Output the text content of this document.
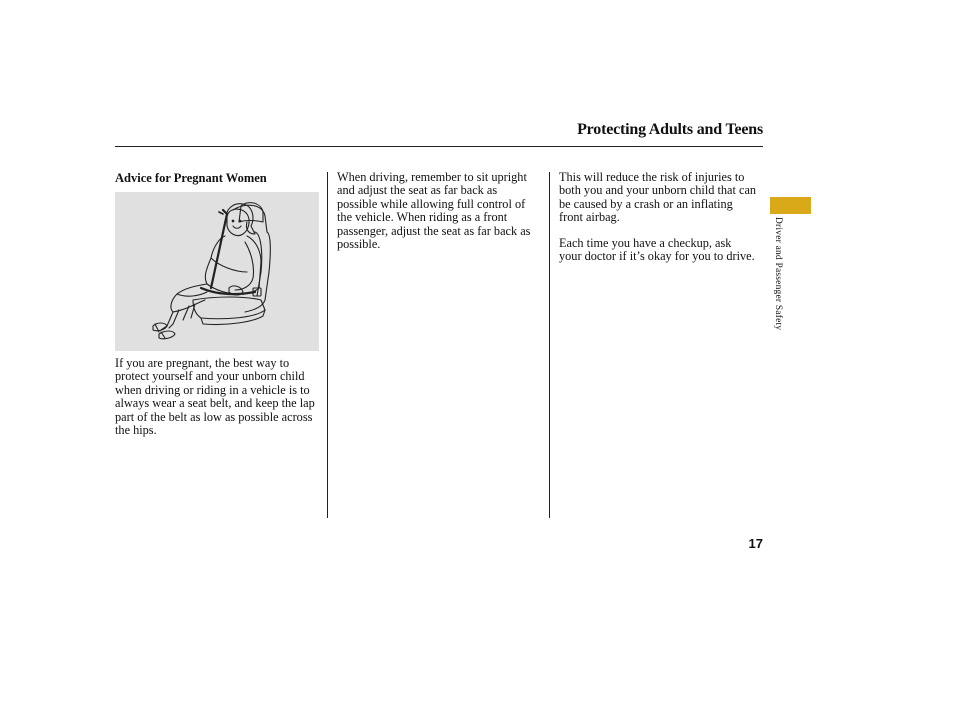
Protecting Adults and Teens
Advice for Pregnant Women
If you are pregnant, the best way to protect yourself and your unborn child when driving or riding in a vehicle is to always wear a seat belt, and keep the lap part of the belt as low as possible across the hips.
When driving, remember to sit upright and adjust the seat as far back as possible while allowing full control of the vehicle. When riding as a front passenger, adjust the seat as far back as possible.
This will reduce the risk of injuries to both you and your unborn child that can be caused by a crash or an inflating front airbag.
Each time you have a checkup, ask your doctor if it’s okay for you to drive. Driver and Passenger Safety
17
